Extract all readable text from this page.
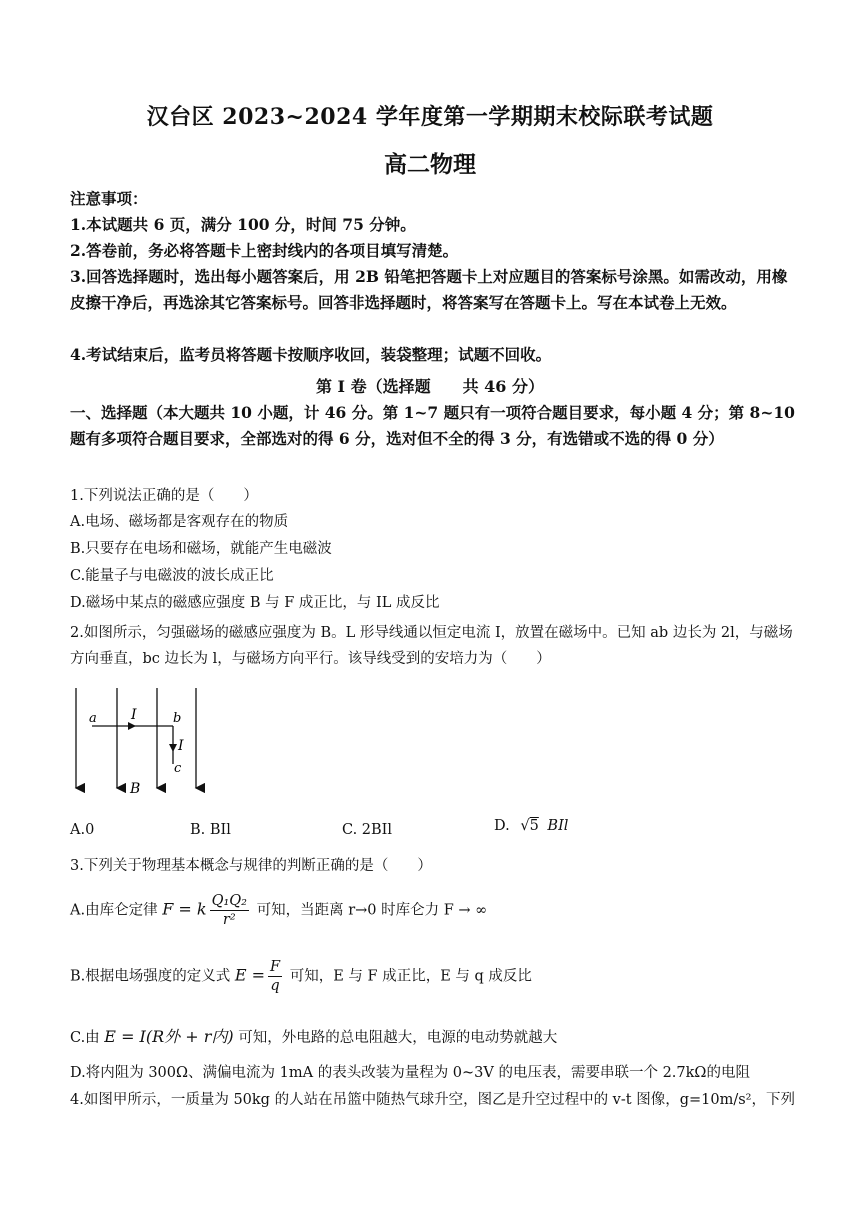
汉台区 2023~2024 学年度第一学期期末校际联考试题
高二物理
注意事项：
1.本试题共 6 页，满分 100 分，时间 75 分钟。
2.答卷前，务必将答题卡上密封线内的各项目填写清楚。
3.回答选择题时，选出每小题答案后，用 2B 铅笔把答题卡上对应题目的答案标号涂黑。如需改动，用橡皮擦干净后，再选涂其它答案标号。回答非选择题时，将答案写在答题卡上。写在本试卷上无效。
4.考试结束后，监考员将答题卡按顺序收回，装袋整理；试题不回收。
第 I 卷（选择题　　共 46 分）
一、选择题（本大题共 10 小题，计 46 分。第 1~7 题只有一项符合题目要求，每小题 4 分；第 8~10 题有多项符合题目要求，全部选对的得 6 分，选对但不全的得 3 分，有选错或不选的得 0 分）
1.下列说法正确的是（　　）
A.电场、磁场都是客观存在的物质
B.只要存在电场和磁场，就能产生电磁波
C.能量子与电磁波的波长成正比
D.磁场中某点的磁感应强度 B 与 F 成正比，与 IL 成反比
2.如图所示，匀强磁场的磁感应强度为 B。L 形导线通以恒定电流 I，放置在磁场中。已知 ab 边长为 2l，与磁场方向垂直，bc 边长为 l，与磁场方向平行。该导线受到的安培力为（　　）
a I	b
I
c
B
A.0	B. BIl	C. 2BIl	D. √5 BIl
3.下列关于物理基本概念与规律的判断正确的是（　　）
A.由库仑定律 F = k $\frac{\text{Q₁Q₂}}{\text{r²}}$ 可知，当距离 r→0 时库仑力 F → ∞
B.根据电场强度的定义式 $E = \frac{F}{q}$ 可知，E 与 F 成正比，E 与 q 成反比
C.由 E = I(R外 + r内) 可知，外电路的总电阻越大，电源的电动势就越大
D.将内阻为 300Ω、满偏电流为 1mA 的表头改装为量程为 0~3V 的电压表，需要串联一个 2.7kΩ的电阻
4.如图甲所示，一质量为 50kg 的人站在吊篮中随热气球升空，图乙是升空过程中的 v-t 图像，g=10m/s²，下列
